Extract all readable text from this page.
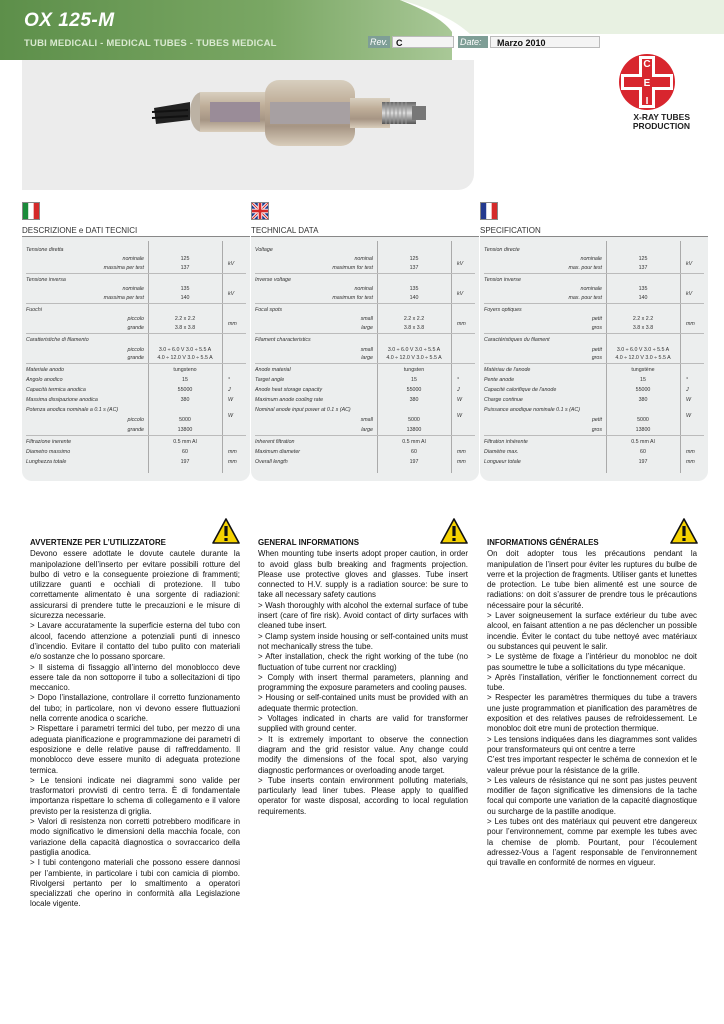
OX 125-M
TUBI MEDICALI - MEDICAL TUBES - TUBES MEDICAL	Rev. C	Date:	Marzo 2010
C
E
I
X-RAY TUBES
PRODUCTION
DESCRIZIONE e DATI TECNICI	TECHNICAL DATA	SPECIFICATION
Tensione diretta
nominale	125
massima per test	137
kV
Tensione inversa
nominale	135
massima per test	140
kV
Fuochi
piccolo	2.2 x 2.2
grande	3.8 x 3.8
mm
Caratteristiche di filamento
piccolo	3.0 ÷ 6.0 V 3.0 ÷ 5.5 A
grande	4.0 ÷ 12.0 V 3.0 ÷ 5.5 A
Materiale anodo	tungsteno
Angolo anodico	15	°
Capacità termica anodica	55000	J
Massima dissipazione anodica	380	W
Potenza anodica nominale a 0.1 s (AC)
piccolo	5000
W
grande	13800
Filtrazione inerente	0.5 mm Al
Diametro massimo	60	mm
Lunghezza totale	197	mm
Voltage
nominal	125
maximum for test	137
kV
Inverse voltage
nominal	135
maximum for test	140
kV
Focal spots
small	2.2 x 2.2
large	3.8 x 3.8
mm
Filament characteristics
small	3.0 ÷ 6.0 V 3.0 ÷ 5.5 A
large	4.0 ÷ 12.0 V 3.0 ÷ 5.5 A
Anode material	tungsten
Target angle	15	°
Anode heat storage capacity	55000	J
Maximum anode cooling rate	380	W
Nominal anode input power at 0.1 s (AC)
small	5000
W
large	13800
Inherent filtration	0.5 mm Al
Maximum diameter	60	mm
Overall length	197	mm
Tension directe
nominale	125
max. pour test	137
kV
Tension inverse
nominale	135
max. pour test	140
kV
Foyers optiques
petit	2.2 x 2.2
gros	3.8 x 3.8
mm
Caractéristiques du filament
petit	3.0 ÷ 6.0 V 3.0 ÷ 5.5 A
gros	4.0 ÷ 12.0 V 3.0 ÷ 5.5 A
Matériau de l'anode	tungstène
Pente anode	15	°
Capacité calorifique de l'anode	55000	J
Charge continue	380	W
Puissance anodique nominale 0.1 s (AC)
petit	5000
W
gros	13800
Filtration inhérente	0.5 mm Al
Diamètre max.	60	mm
Longueur totale	197	mm
AVVERTENZE PER L’UTILIZZATORE

Devono essere adottate le dovute cautele durante la manipolazione dell’inserto per evitare possibili rotture del bulbo di vetro e la conseguente proiezione di frammenti; utilizzare guanti e occhiali di protezione. Il tubo correttamente alimentato è una sorgente di radiazioni: assicurarsi di prendere tutte le precauzioni e le misure di sicurezza necessarie.

> Lavare accuratamente la superficie esterna del tubo con alcool, facendo attenzione a potenziali punti di innesco d’incendio. Evitare il contatto del tubo pulito con materiali e/o sostanze che lo possano sporcare.

> Il sistema di fissaggio all’interno del monoblocco deve essere tale da non sottoporre il tubo a sollecitazioni di tipo meccanico.

> Dopo l’installazione, controllare il corretto funzionamento del tubo; in particolare, non vi devono essere fluttuazioni nella corrente anodica o scariche.

> Rispettare i parametri termici del tubo, per mezzo di una adeguata pianificazione e programmazione dei parametri di esposizione e delle relative pause di raffreddamento. Il monoblocco deve essere munito di adeguata protezione termica.

> Le tensioni indicate nei diagrammi sono valide per trasformatori provvisti di centro terra. È di fondamentale importanza rispettare lo schema di collegamento e il valore previsto per la resistenza di griglia.

> Valori di resistenza non corretti potrebbero modificare in modo significativo le dimensioni della macchia focale, con variazione della capacità diagnostica o sovraccarico della pastiglia anodica.

> I tubi contengono materiali che possono essere dannosi per l’ambiente, in particolare i tubi con camicia di piombo. Rivolgersi pertanto per lo smaltimento a operatori specializzati che operino in conformità alla Legislazione locale vigente.

GENERAL INFORMATIONS

When mounting tube inserts adopt proper caution, in order to avoid glass bulb breaking and fragments projection. Please use protective gloves and glasses. Tube insert connected to H.V. supply is a radiation source: be sure to take all necessary safety cautions

> Wash thoroughly with alcohol the external surface of tube insert (care of fire risk). Avoid contact of dirty surfaces with cleaned tube insert.

> Clamp system inside housing or self-contained units must not mechanically stress the tube.

> After installation, check the right working of the tube (no fluctuation of tube current nor crackling)

> Comply with insert thermal parameters, planning and programming the exposure parameters and cooling pauses.

> Housing or self-contained units must be provided with an adequate thermic protection.

> Voltages indicated in charts are valid for transformer supplied with ground center.

> It is extremely important to observe the connection diagram and the grid resistor value. Any change could modify the dimensions of the focal spot, also varying diagnostic performances or overloading anode target.

> Tube inserts contain environment polluting materials, particularly lead liner tubes. Please apply to qualified operator for waste disposal, according to local regulation requirements.

INFORMATIONS GÉNÉRALES

On doit adopter tous les précautions pendant la manipulation de l’insert pour éviter les ruptures du bulbe de verre et la projection de fragments. Utiliser gants et lunettes de protection. Le tube bien alimenté est une source de radiations: on doit s’assurer de prendre tous le précautions nécessaire pour la sécurité.

> Laver soigneusement la surface extérieur du tube avec alcool, en faisant attention a ne pas déclencher un possible incendie. Éviter le contact du tube nettoyé avec matériaux ou substances qui peuvent le salir.

> Le système de fixage a l’intérieur du monobloc ne doit pas soumettre le tube a sollicitations du type mécanique.

> Après l’installation, vérifier le fonctionnement correct du tube.

> Respecter les paramètres thermiques du tube a travers une juste programmation et pianification des paramètres de exposition et des relatives pauses de refroidessement. Le monobloc doit etre muni de protection thermique.

> Les tensions indiquées dans les diagrammes sont valides pour transformateurs qui ont centre a terre

C’est tres important respecter le schéma de connexion et le valeur prévue pour la résistance de la grille.

> Les valeurs de résistance qui ne sont pas justes peuvent modifier de façon significative les dimensions de la tache focal qui comporte une variation de la capacité diagnostique ou surcharge de la pastille anodique.

> Les tubes ont des matériaux qui peuvent etre dangereux pour l’environnement, comme par exemple les tubes avec la chemise de plomb. Pourtant, pour l’écoulement adressez-Vous a l’agent responsable de l’environnement qui travalle en conformité de normes en vigueur.
